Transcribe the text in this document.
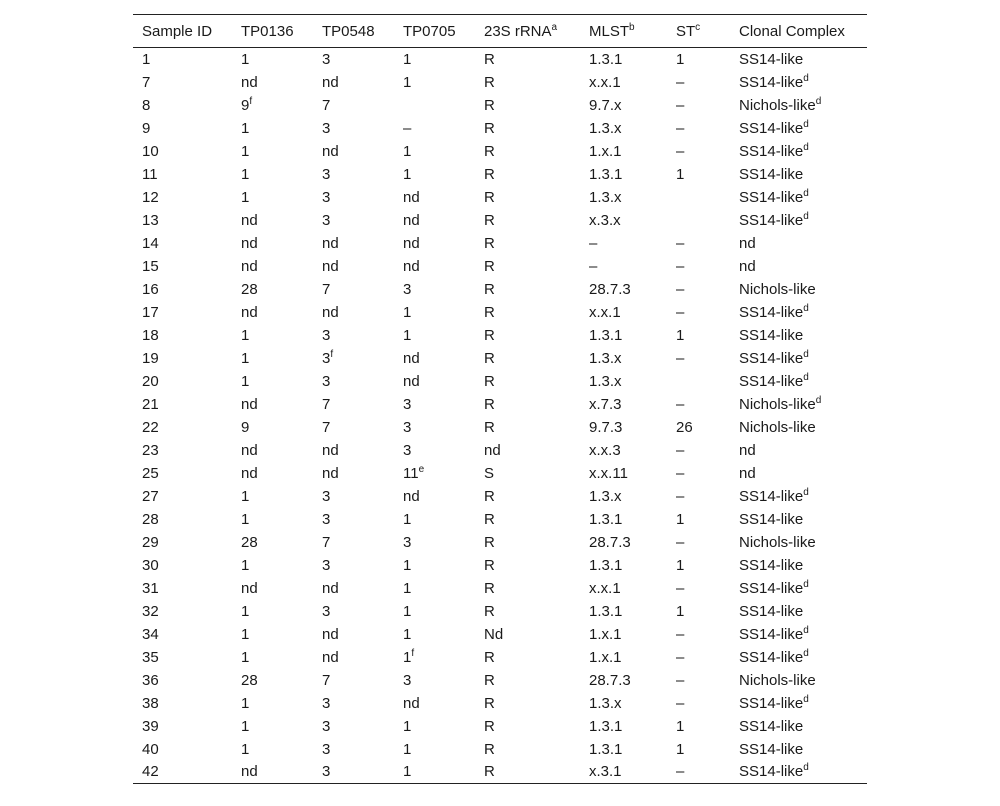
Sample ID	TP0136	TP0548	TP0705	23S rRNA$^a$	MLST$^b$	$ST^c$	Clonal Complex
1	1	3	1	R	1.3.1	1	SS14-like
7	nd	nd	1	R	x.x.1	–	SS14-like$^d$
8	9$^f$	7		R	9.7.x	–	Nichols-like$^d$
9	1	3	–	R	1.3.x	–	SS14-like$^d$
10	1	nd	1	R	1.x.1	–	SS14-like$^d$
11	1	3	1	R	1.3.1	1	SS14-like
12	1	3	nd	R	1.3.x		SS14-like$^d$
13	nd	3	nd	R	x.3.x		SS14-like$^d$
14	nd	nd	nd	R	–	–	nd
15	nd	nd	nd	R	–	–	nd
16	28	7	3	R	28.7.3	–	Nichols-like
17	nd	nd	1	R	x.x.1	–	SS14-like$^d$
18	1	3	1	R	1.3.1	1	SS14-like
19	1	3$^f$	nd	R	1.3.x	–	SS14-like$^d$
20	1	3	nd	R	1.3.x		SS14-like$^d$
21	nd	7	3	R	x.7.3	–	Nichols-like$^d$
22	9	7	3	R	9.7.3	26	Nichols-like
23	nd	nd	3	nd	x.x.3	–	nd
25	nd	nd	11e	S	x.x.11	–	nd
27	1	3	nd	R	1.3.x	–	SS14-like$^d$
28	1	3	1	R	1.3.1	1	SS14-like
29	28	7	3	R	28.7.3	–	Nichols-like
30	1	3	1	R	1.3.1	1	SS14-like
31	nd	nd	1	R	x.x.1	–	SS14-like$^d$
32	1	3	1	R	1.3.1	1	SS14-like
34	1	nd	1	Nd	1.x.1	–	SS14-like$^d$
35	1	nd	1$^f$	R	1.x.1	–	SS14-like$^d$
36	28	7	3	R	28.7.3	–	Nichols-like
38	1	3	nd	R	1.3.x	–	SS14-like$^d$
39	1	3	1	R	1.3.1	1	SS14-like
40	1	3	1	R	1.3.1	1	SS14-like
42	nd	3	1	R	x.3.1	–	SS14-like$^d$
